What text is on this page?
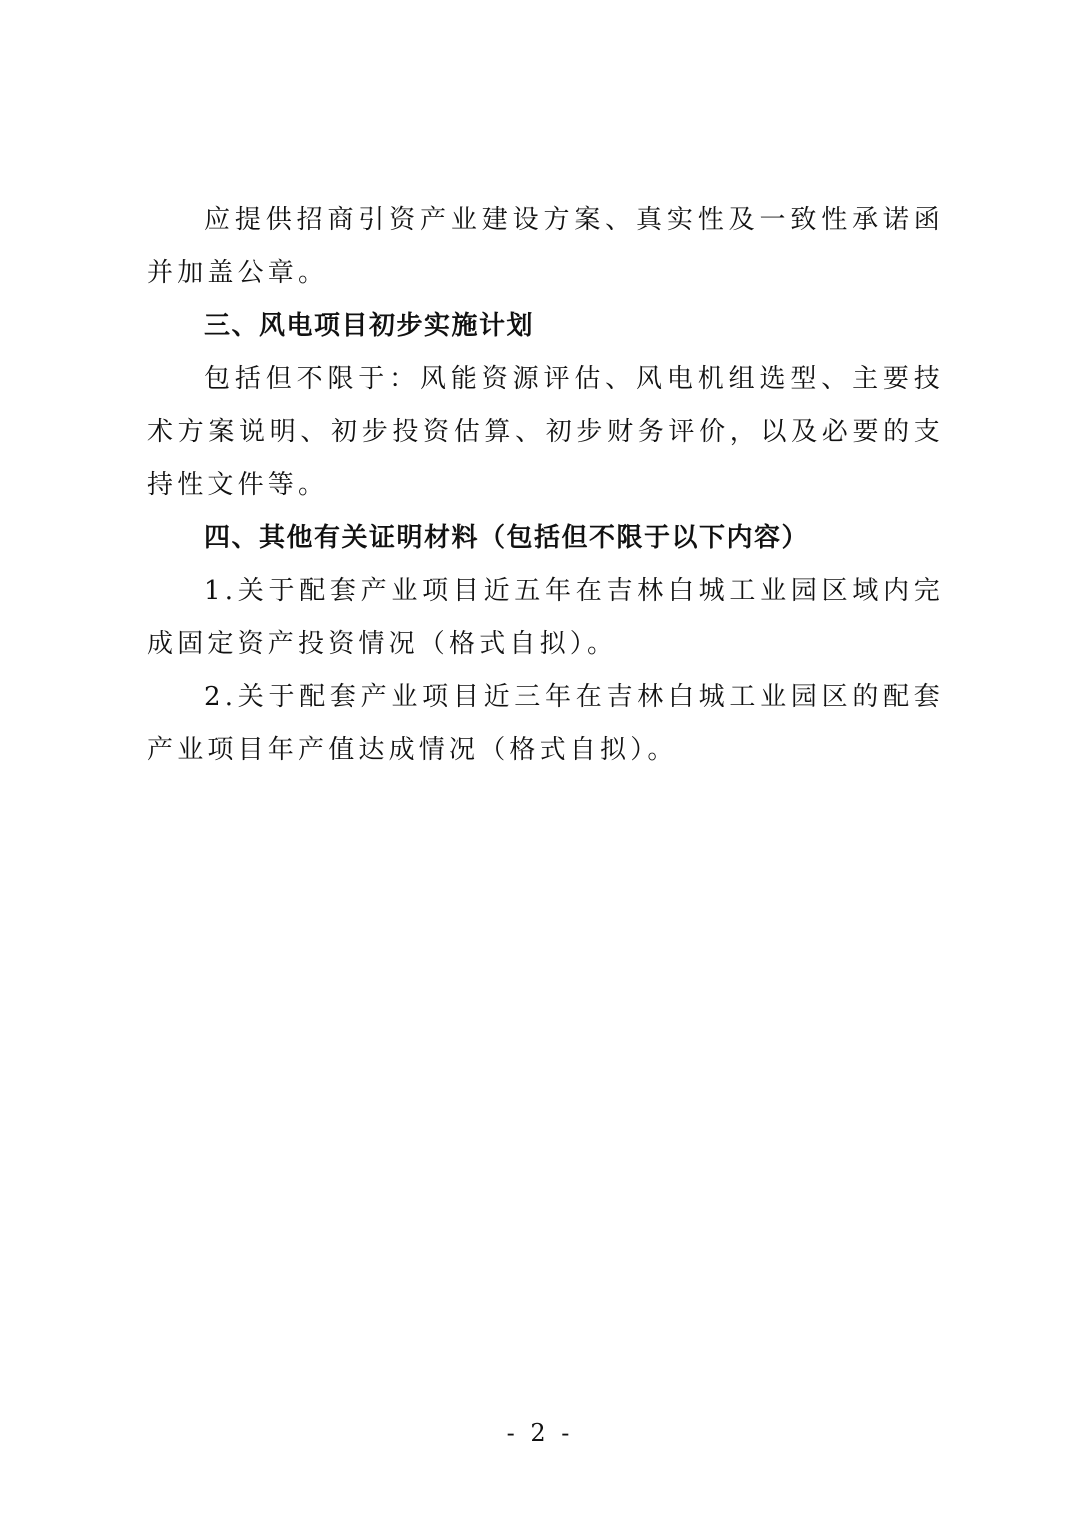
应提供招商引资产业建设方案、真实性及一致性承诺函并加盖公章。

三、风电项目初步实施计划

包括但不限于：风能资源评估、风电机组选型、主要技术方案说明、初步投资估算、初步财务评价，以及必要的支持性文件等。

四、其他有关证明材料（包括但不限于以下内容）

1.关于配套产业项目近五年在吉林白城工业园区域内完成固定资产投资情况（格式自拟）。

2.关于配套产业项目近三年在吉林白城工业园区的配套产业项目年产值达成情况（格式自拟）。

- 2 -
